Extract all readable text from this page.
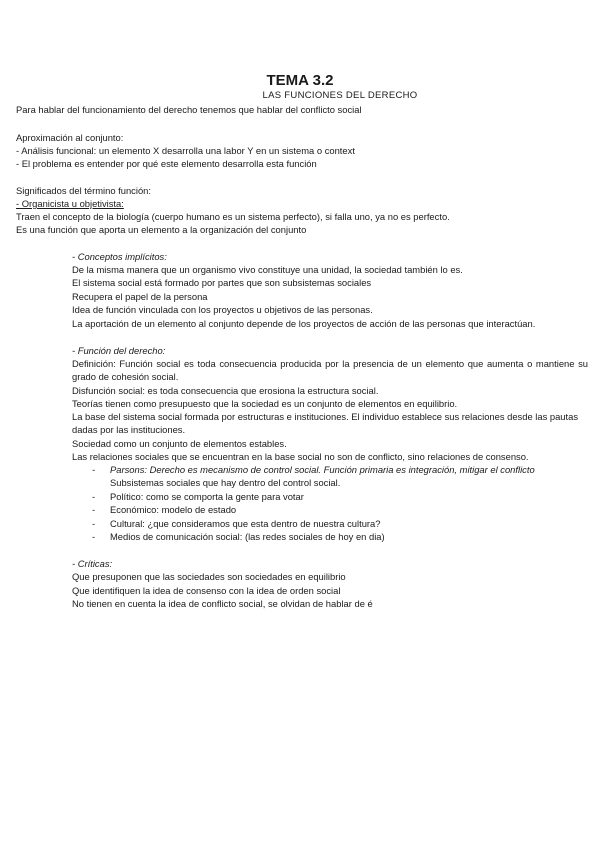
TEMA 3.2
LAS FUNCIONES DEL DERECHO

Para hablar del funcionamiento del derecho tenemos que hablar del conflicto social

Aproximación al conjunto:

- Análisis funcional: un elemento X desarrolla una labor Y en un sistema o context

- El problema es entender por qué este elemento desarrolla esta función

Significados del término función:

- Organicista u objetivista:

Traen el concepto de la biología (cuerpo humano es un sistema perfecto), si falla uno, ya no es perfecto.

Es una función que aporta un elemento a la organización del conjunto

- Conceptos implícitos:

De la misma manera que un organismo vivo constituye una unidad, la sociedad también lo es.

El sistema social está formado por partes que son subsistemas sociales

Recupera el papel de la persona

Idea de función vinculada con los proyectos u objetivos de las personas.

La aportación de un elemento al conjunto depende de los proyectos de acción de las personas que interactúan.

- Función del derecho:

Definición: Función social es toda consecuencia producida por la presencia de un elemento que aumenta o mantiene su grado de cohesión social.

Disfunción social: es toda consecuencia que erosiona la estructura social.

Teorías tienen como presupuesto que la sociedad es un conjunto de elementos en equilibrio.

La base del sistema social formada por estructuras e instituciones. El individuo establece sus relaciones desde las pautas dadas por las instituciones.

Sociedad como un conjunto de elementos estables.

Las relaciones sociales que se encuentran en la base social no son de conflicto, sino relaciones de consenso.

- Parsons: Derecho es mecanismo de control social. Función primaria es integración, mitigar el conflicto
Subsistemas sociales que hay dentro del control social.
- Político: como se comporta la gente para votar
- Económico: modelo de estado
- Cultural: ¿que consideramos que esta dentro de nuestra cultura?
- Medios de comunicación social: (las redes sociales de hoy en dia)

- Críticas:

Que presuponen que las sociedades son sociedades en equilibrio

Que identifiquen la idea de consenso con la idea de orden social

No tienen en cuenta la idea de conflicto social, se olvidan de hablar de é
